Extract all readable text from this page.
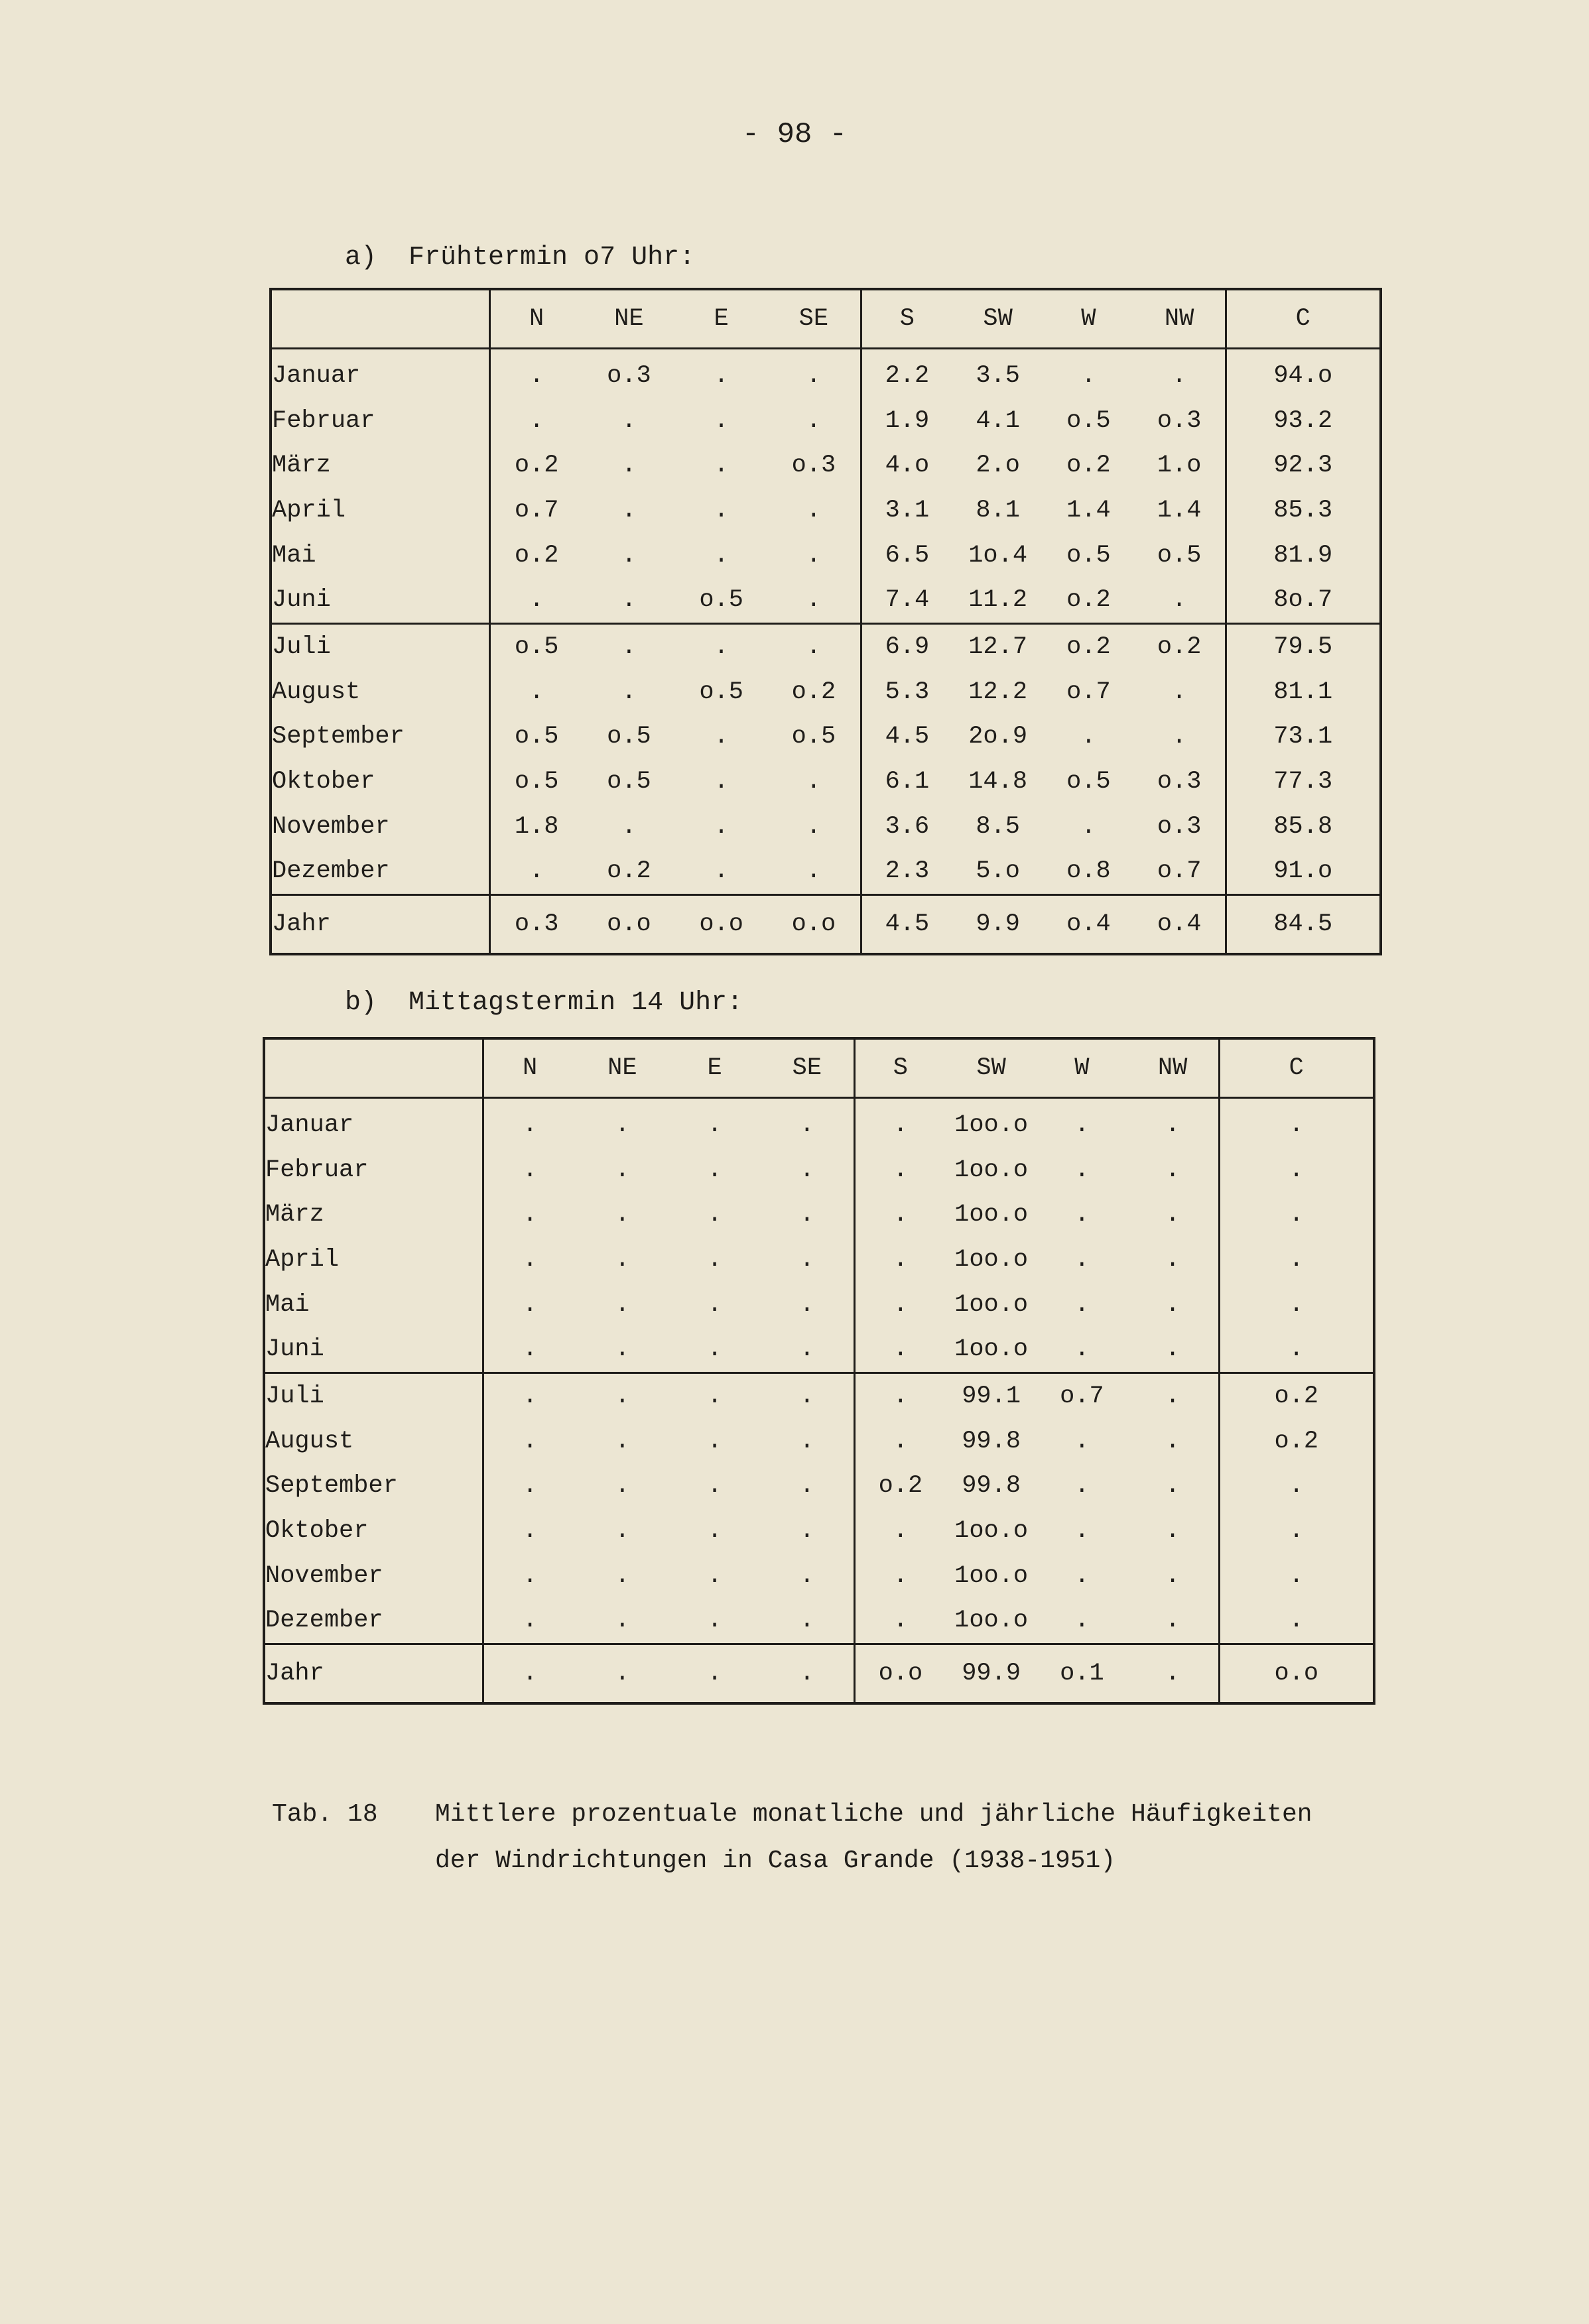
- 98 -
a)  Frühtermin o7 Uhr:

	N NE E SE	S SW W NW	C
Januar	. o.3 . .	2.2 3.5 . .	94.o
Februar	. . . .	1.9 4.1 o.5 o.3	93.2
März	o.2 . . o.3	4.o 2.o o.2 1.o	92.3
April	o.7 . . .	3.1 8.1 1.4 1.4	85.3
Mai	o.2 . . .	6.5 1o.4 o.5 o.5	81.9
Juni	. . o.5 .	7.4 11.2 o.2 .	8o.7
Juli	o.5 . . .	6.9 12.7 o.2 o.2	79.5
August	. . o.5 o.2	5.3 12.2 o.7 .	81.1
September	o.5 o.5 . o.5	4.5 2o.9 . .	73.1
Oktober	o.5 o.5 . .	6.1 14.8 o.5 o.3	77.3
November	1.8 . . .	3.6 8.5 . o.3	85.8
Dezember	. o.2 . .	2.3 5.o o.8 o.7	91.o
Jahr	o.3 o.o o.o o.o	4.5 9.9 o.4 o.4	84.5
b)  Mittagstermin 14 Uhr:

	N NE E SE	S SW W NW	C
Januar	. . . .	. 1oo.o . .	.
Februar	. . . .	. 1oo.o . .	.
März	. . . .	. 1oo.o . .	.
April	. . . .	. 1oo.o . .	.
Mai	. . . .	. 1oo.o . .	.
Juni	. . . .	. 1oo.o . .	.
Juli	. . . .	. 99.1 o.7 .	o.2
August	. . . .	. 99.8 . .	o.2
September	. . . .	o.2 99.8 . .	.
Oktober	. . . .	. 1oo.o . .	.
November	. . . .	. 1oo.o . .	.
Dezember	. . . .	. 1oo.o . .	.
Jahr	. . . .	o.o 99.9 o.1 .	o.o
Tab. 18 Mittlere prozentuale monatliche und jährliche Häufigkeiten
der Windrichtungen in Casa Grande (1938-1951)
